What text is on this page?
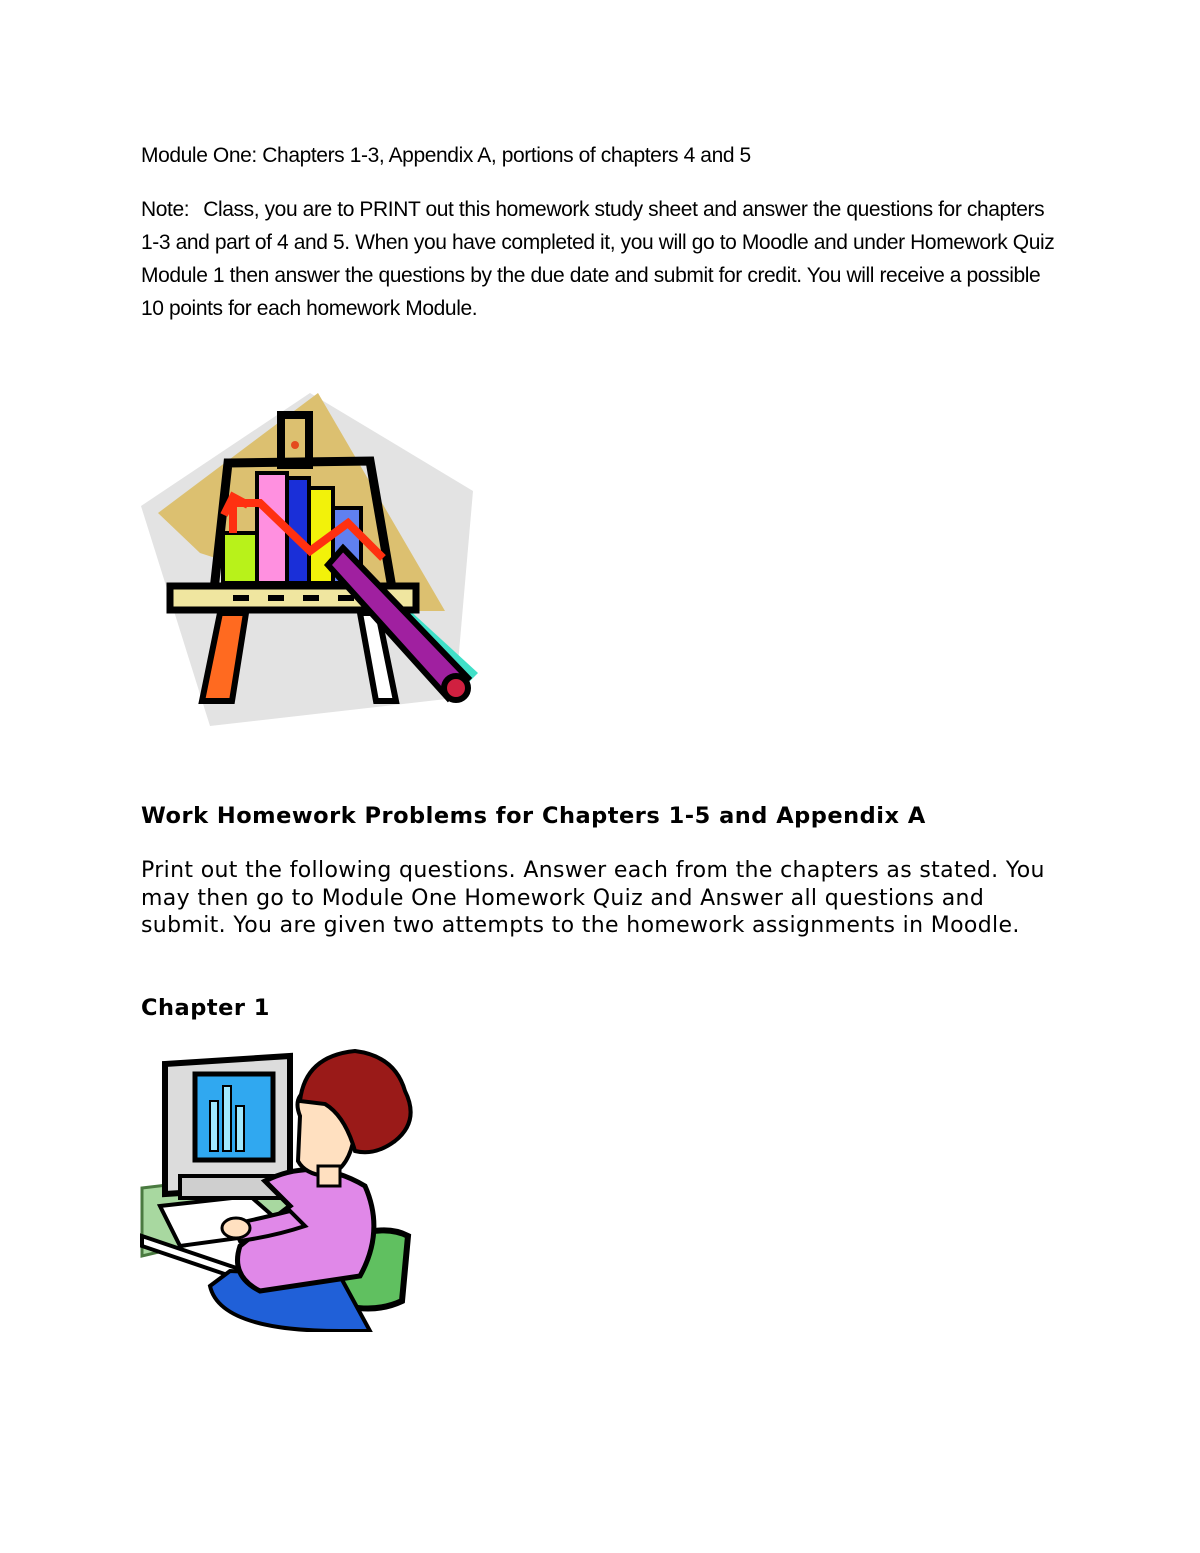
Module One: Chapters 1-3, Appendix A, portions of chapters 4 and 5
Note: Class, you are to PRINT out this homework study sheet and answer the questions for chapters 1-3 and part of 4 and 5. When you have completed it, you will go to Moodle and under Homework Quiz Module 1 then answer the questions by the due date and submit for credit. You will receive a possible 10 points for each homework Module.
Work Homework Problems for Chapters 1-5 and Appendix A
Print out the following questions. Answer each from the chapters as stated. You may then go to Module One Homework Quiz and Answer all questions and submit. You are given two attempts to the homework assignments in Moodle.
Chapter 1
